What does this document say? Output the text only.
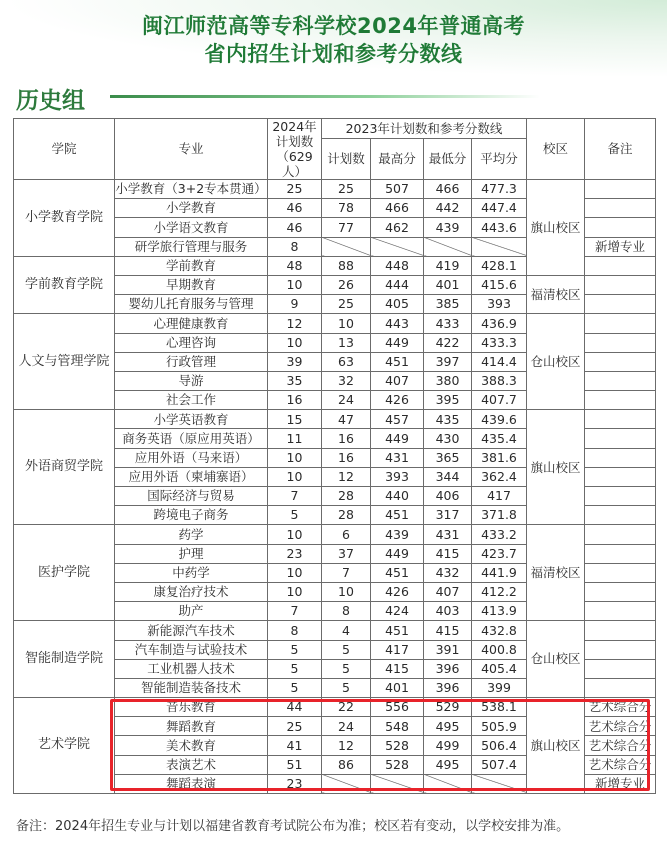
闽江师范高等专科学校2024年普通高考
省内招生计划和参考分数线
历史组
学院	专业	2024年计划数（629人）	2023年计划数和参考分数线				校区	备注
			计划数	最高分	最低分	平均分		
小学教育学院	小学教育（3+2专本贯通）	25	25	507	466	477.3	旗山校区	
	小学教育	46	78	466	442	447.4		
	小学语文教育	46	77	462	439	443.6		
	研学旅行管理与服务	8						新增专业
学前教育学院	学前教育	48	88	448	419	428.1		
	早期教育	10	26	444	401	415.6	福清校区	
	婴幼儿托育服务与管理	9	25	405	385	393		
人文与管理学院	心理健康教育	12	10	443	433	436.9	仓山校区	
	心理咨询	10	13	449	422	433.3		
	行政管理	39	63	451	397	414.4		
	导游	35	32	407	380	388.3		
	社会工作	16	24	426	395	407.7		
外语商贸学院	小学英语教育	15	47	457	435	439.6	旗山校区	
	商务英语（原应用英语）	11	16	449	430	435.4		
	应用外语（马来语）	10	16	431	365	381.6		
	应用外语（柬埔寨语）	10	12	393	344	362.4		
	国际经济与贸易	7	28	440	406	417		
	跨境电子商务	5	28	451	317	371.8		
医护学院	药学	10	6	439	431	433.2	福清校区	
	护理	23	37	449	415	423.7		
	中药学	10	7	451	432	441.9		
	康复治疗技术	10	10	426	407	412.2		
	助产	7	8	424	403	413.9		
智能制造学院	新能源汽车技术	8	4	451	415	432.8	仓山校区	
	汽车制造与试验技术	5	5	417	391	400.8		
	工业机器人技术	5	5	415	396	405.4		
	智能制造装备技术	5	5	401	396	399		
艺术学院	音乐教育	44	22	556	529	538.1	旗山校区	艺术综合分
	舞蹈教育	25	24	548	495	505.9		艺术综合分
	美术教育	41	12	528	499	506.4		艺术综合分
	表演艺术	51	86	528	495	507.4		艺术综合分
	舞蹈表演	23						新增专业
备注：2024年招生专业与计划以福建省教育考试院公布为准；校区若有变动，以学校安排为准。
